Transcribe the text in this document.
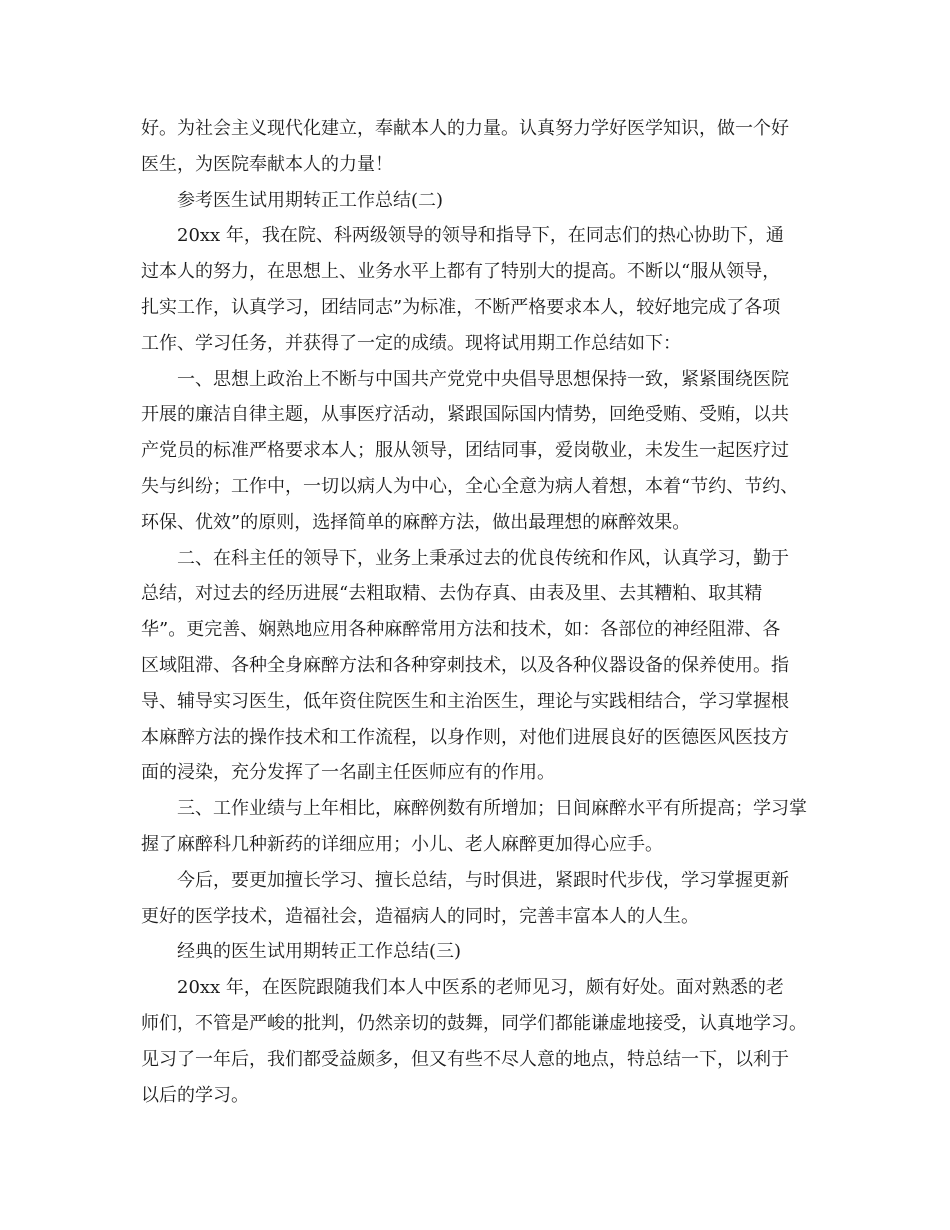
好。为社会主义现代化建立，奉献本人的力量。认真努力学好医学知识，做一个好
医生，为医院奉献本人的力量！
参考医生试用期转正工作总结(二)
20xx 年，我在院、科两级领导的领导和指导下，在同志们的热心协助下，通
过本人的努力，在思想上、业务水平上都有了特别大的提高。不断以“服从领导，
扎实工作，认真学习，团结同志”为标准，不断严格要求本人，较好地完成了各项
工作、学习任务，并获得了一定的成绩。现将试用期工作总结如下：
一、思想上政治上不断与中国共产党党中央倡导思想保持一致，紧紧围绕医院
开展的廉洁自律主题，从事医疗活动，紧跟国际国内情势，回绝受贿、受贿，以共
产党员的标准严格要求本人；服从领导，团结同事，爱岗敬业，未发生一起医疗过
失与纠纷；工作中，一切以病人为中心，全心全意为病人着想，本着“节约、节约、
环保、优效”的原则，选择简单的麻醉方法，做出最理想的麻醉效果。
二、在科主任的领导下，业务上秉承过去的优良传统和作风，认真学习，勤于
总结，对过去的经历进展“去粗取精、去伪存真、由表及里、去其糟粕、取其精
华”。更完善、娴熟地应用各种麻醉常用方法和技术，如：各部位的神经阻滞、各
区域阻滞、各种全身麻醉方法和各种穿刺技术，以及各种仪器设备的保养使用。指
导、辅导实习医生，低年资住院医生和主治医生，理论与实践相结合，学习掌握根
本麻醉方法的操作技术和工作流程，以身作则，对他们进展良好的医德医风医技方
面的浸染，充分发挥了一名副主任医师应有的作用。
三、工作业绩与上年相比，麻醉例数有所增加；日间麻醉水平有所提高；学习掌
握了麻醉科几种新药的详细应用；小儿、老人麻醉更加得心应手。
今后，要更加擅长学习、擅长总结，与时俱进，紧跟时代步伐，学习掌握更新
更好的医学技术，造福社会，造福病人的同时，完善丰富本人的人生。
经典的医生试用期转正工作总结(三)
20xx 年，在医院跟随我们本人中医系的老师见习，颇有好处。面对熟悉的老
师们，不管是严峻的批判，仍然亲切的鼓舞，同学们都能谦虚地接受，认真地学习。
见习了一年后，我们都受益颇多，但又有些不尽人意的地点，特总结一下，以利于
以后的学习。
